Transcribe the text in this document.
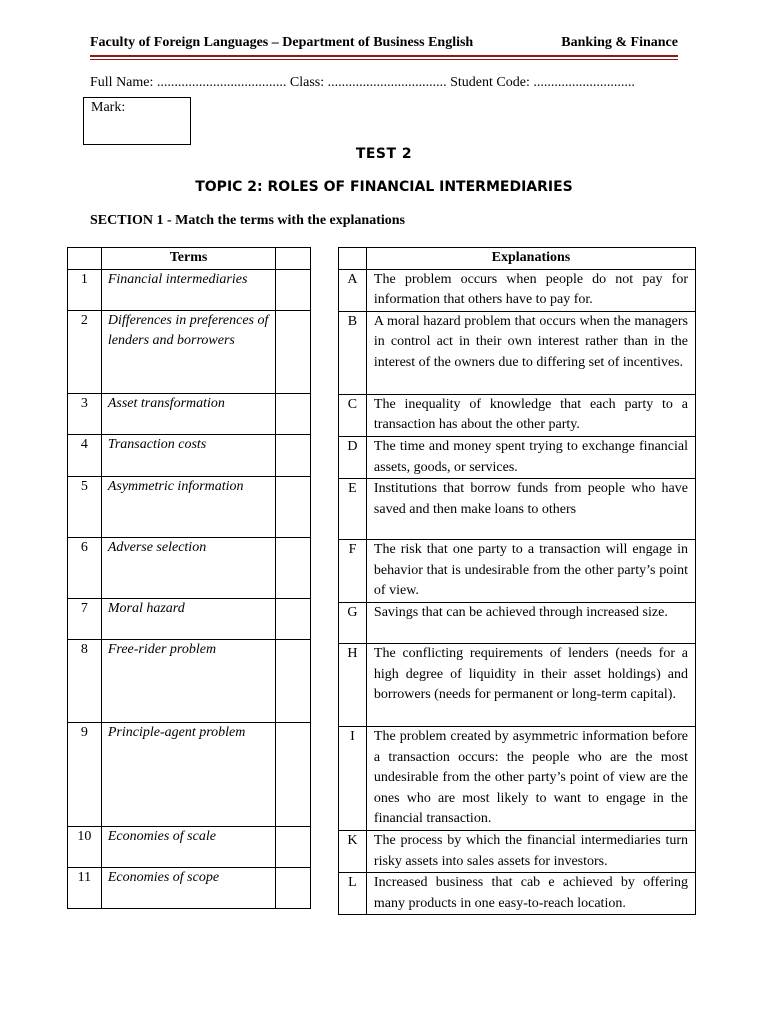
Faculty of Foreign Languages – Department of Business English	Banking & Finance
Full Name: ..................................... Class: .................................. Student Code: .............................
Mark:
TEST 2
TOPIC 2: ROLES OF FINANCIAL INTERMEDIARIES
SECTION 1 - Match the terms with the explanations
	Terms	
1	Financial intermediaries	
2	Differences in preferences of lenders and borrowers	
3	Asset transformation	
4	Transaction costs	
5	Asymmetric information	
6	Adverse selection	
7	Moral hazard	
8	Free-rider problem	
9	Principle-agent problem	
10	Economies of scale	
11	Economies of scope	
	Explanations
A	The problem occurs when people do not pay for information that others have to pay for.
B	A moral hazard problem that occurs when the managers in control act in their own interest rather than in the interest of the owners due to differing set of incentives.
C	The inequality of knowledge that each party to a transaction has about the other party.
D	The time and money spent trying to exchange financial assets, goods, or services.
E	Institutions that borrow funds from people who have saved and then make loans to others
F	The risk that one party to a transaction will engage in behavior that is undesirable from the other party’s point of view.
G	Savings that can be achieved through increased size.
H	The conflicting requirements of lenders (needs for a high degree of liquidity in their asset holdings) and borrowers (needs for permanent or long-term capital).
I	The problem created by asymmetric information before a transaction occurs: the people who are the most undesirable from the other party’s point of view are the ones who are most likely to want to engage in the financial transaction.
K	The process by which the financial intermediaries turn risky assets into sales assets for investors.
L	Increased business that cab e achieved by offering many products in one easy-to-reach location.
